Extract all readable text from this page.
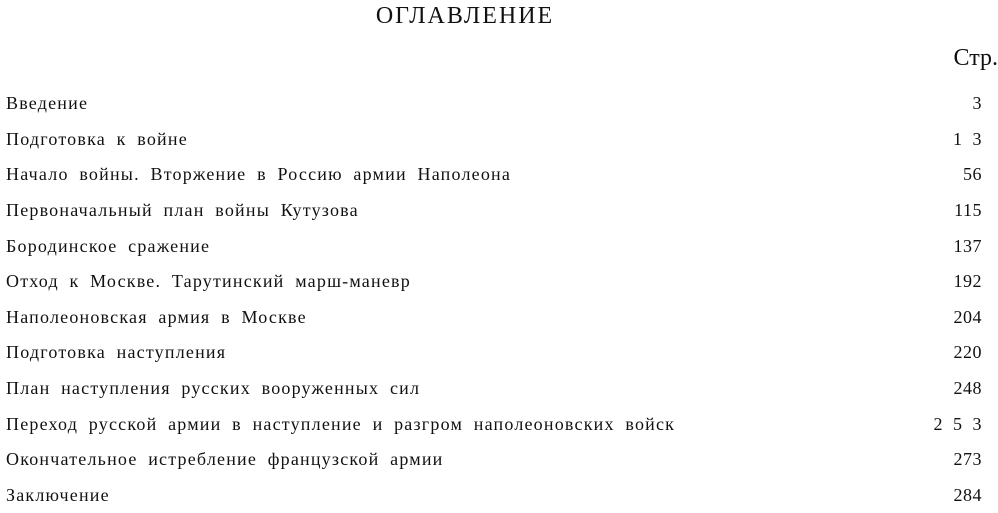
ОГЛАВЛЕНИЕ
Стр.
Введение	3
Подготовка к войне	1 3
Начало войны. Вторжение в Россию армии Наполеона	56
Первоначальный план войны Кутузова	115
Бородинское сражение	137
Отход к Москве. Тарутинский марш-маневр	192
Наполеоновская армия в Москве	204
Подготовка наступления	220
План наступления русских вооруженных сил	248
Переход русской армии в наступление и разгром наполеоновских войск	2 5 3
Окончательное истребление французской армии	273
Заключение	284
